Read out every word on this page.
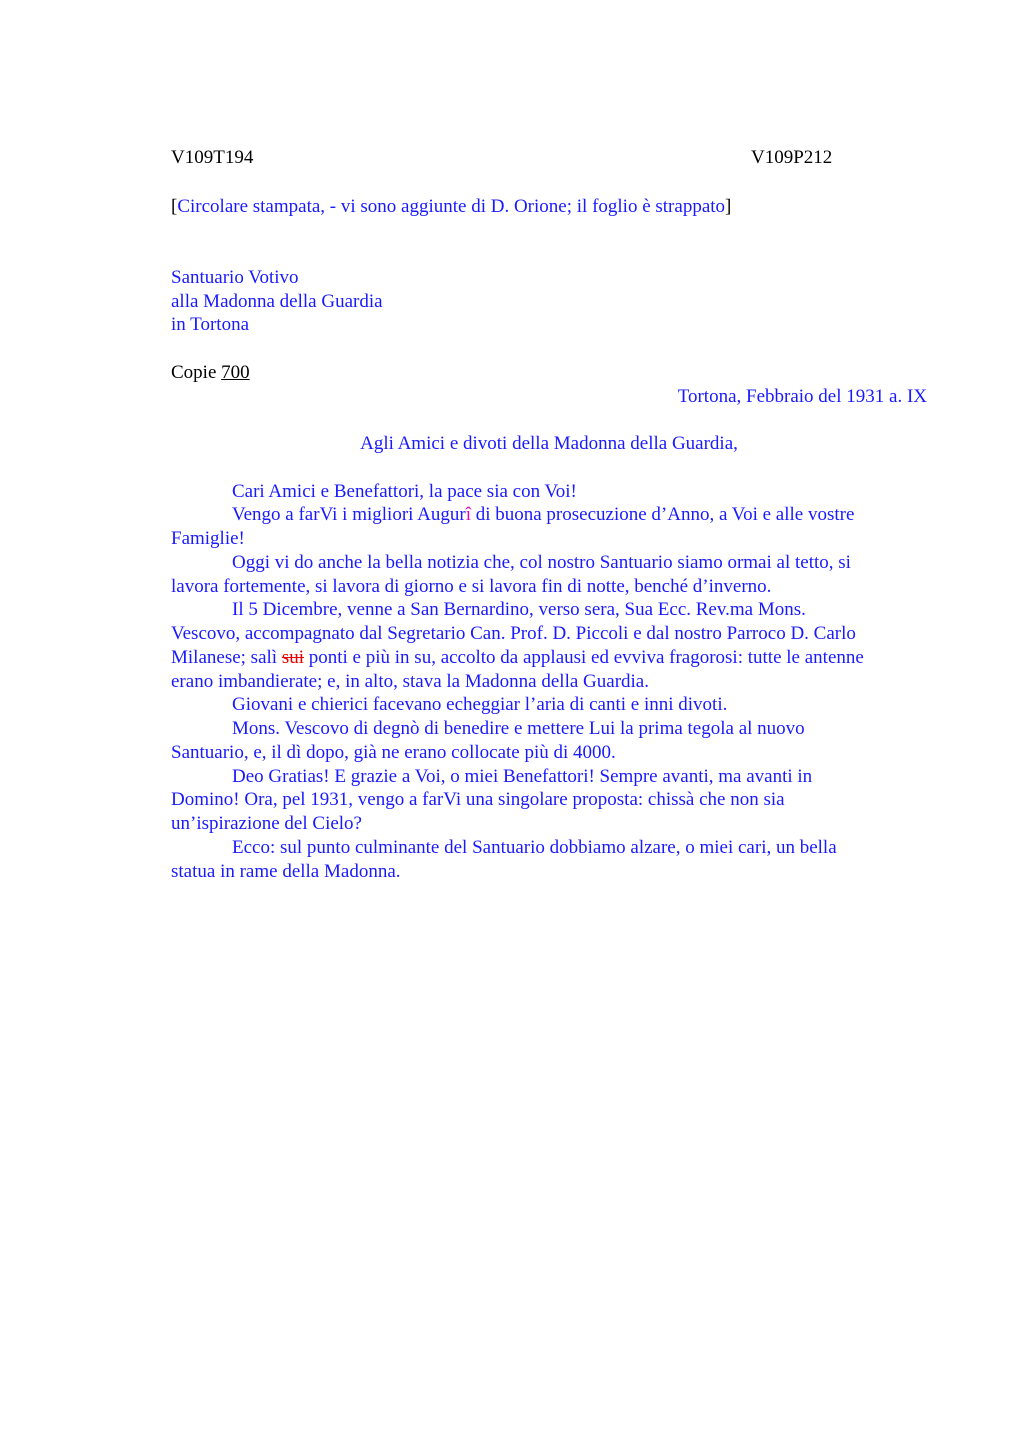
V109T194	V109P212
[Circolare stampata, - vi sono aggiunte di D. Orione; il foglio è strappato]
Santuario Votivo
alla Madonna della Guardia
in Tortona
Copie 700
Tortona, Febbraio del 1931 a. IX
Agli Amici e divoti della Madonna della Guardia,
Cari Amici e Benefattori, la pace sia con Voi!
Vengo a farVi i migliori Augurî di buona prosecuzione d’Anno, a Voi e alle vostre
Famiglie!
Oggi vi do anche la bella notizia che, col nostro Santuario siamo ormai al tetto, si
lavora fortemente, si lavora di giorno e si lavora fin di notte, benché d’inverno.
Il 5 Dicembre, venne a San Bernardino, verso sera, Sua Ecc. Rev.ma Mons.
Vescovo, accompagnato dal Segretario Can. Prof. D. Piccoli e dal nostro Parroco D. Carlo
Milanese; salì sui ponti e più in su, accolto da applausi ed evviva fragorosi: tutte le antenne
erano imbandierate; e, in alto, stava la Madonna della Guardia.
Giovani e chierici facevano echeggiar l’aria di canti e inni divoti.
Mons. Vescovo di degnò di benedire e mettere Lui la prima tegola al nuovo
Santuario, e, il dì dopo, già ne erano collocate più di 4000.
Deo Gratias! E grazie a Voi, o miei Benefattori! Sempre avanti, ma avanti in
Domino! Ora, pel 1931, vengo a farVi una singolare proposta: chissà che non sia
un’ispirazione del Cielo?
Ecco: sul punto culminante del Santuario dobbiamo alzare, o miei cari, un bella
statua in rame della Madonna.
